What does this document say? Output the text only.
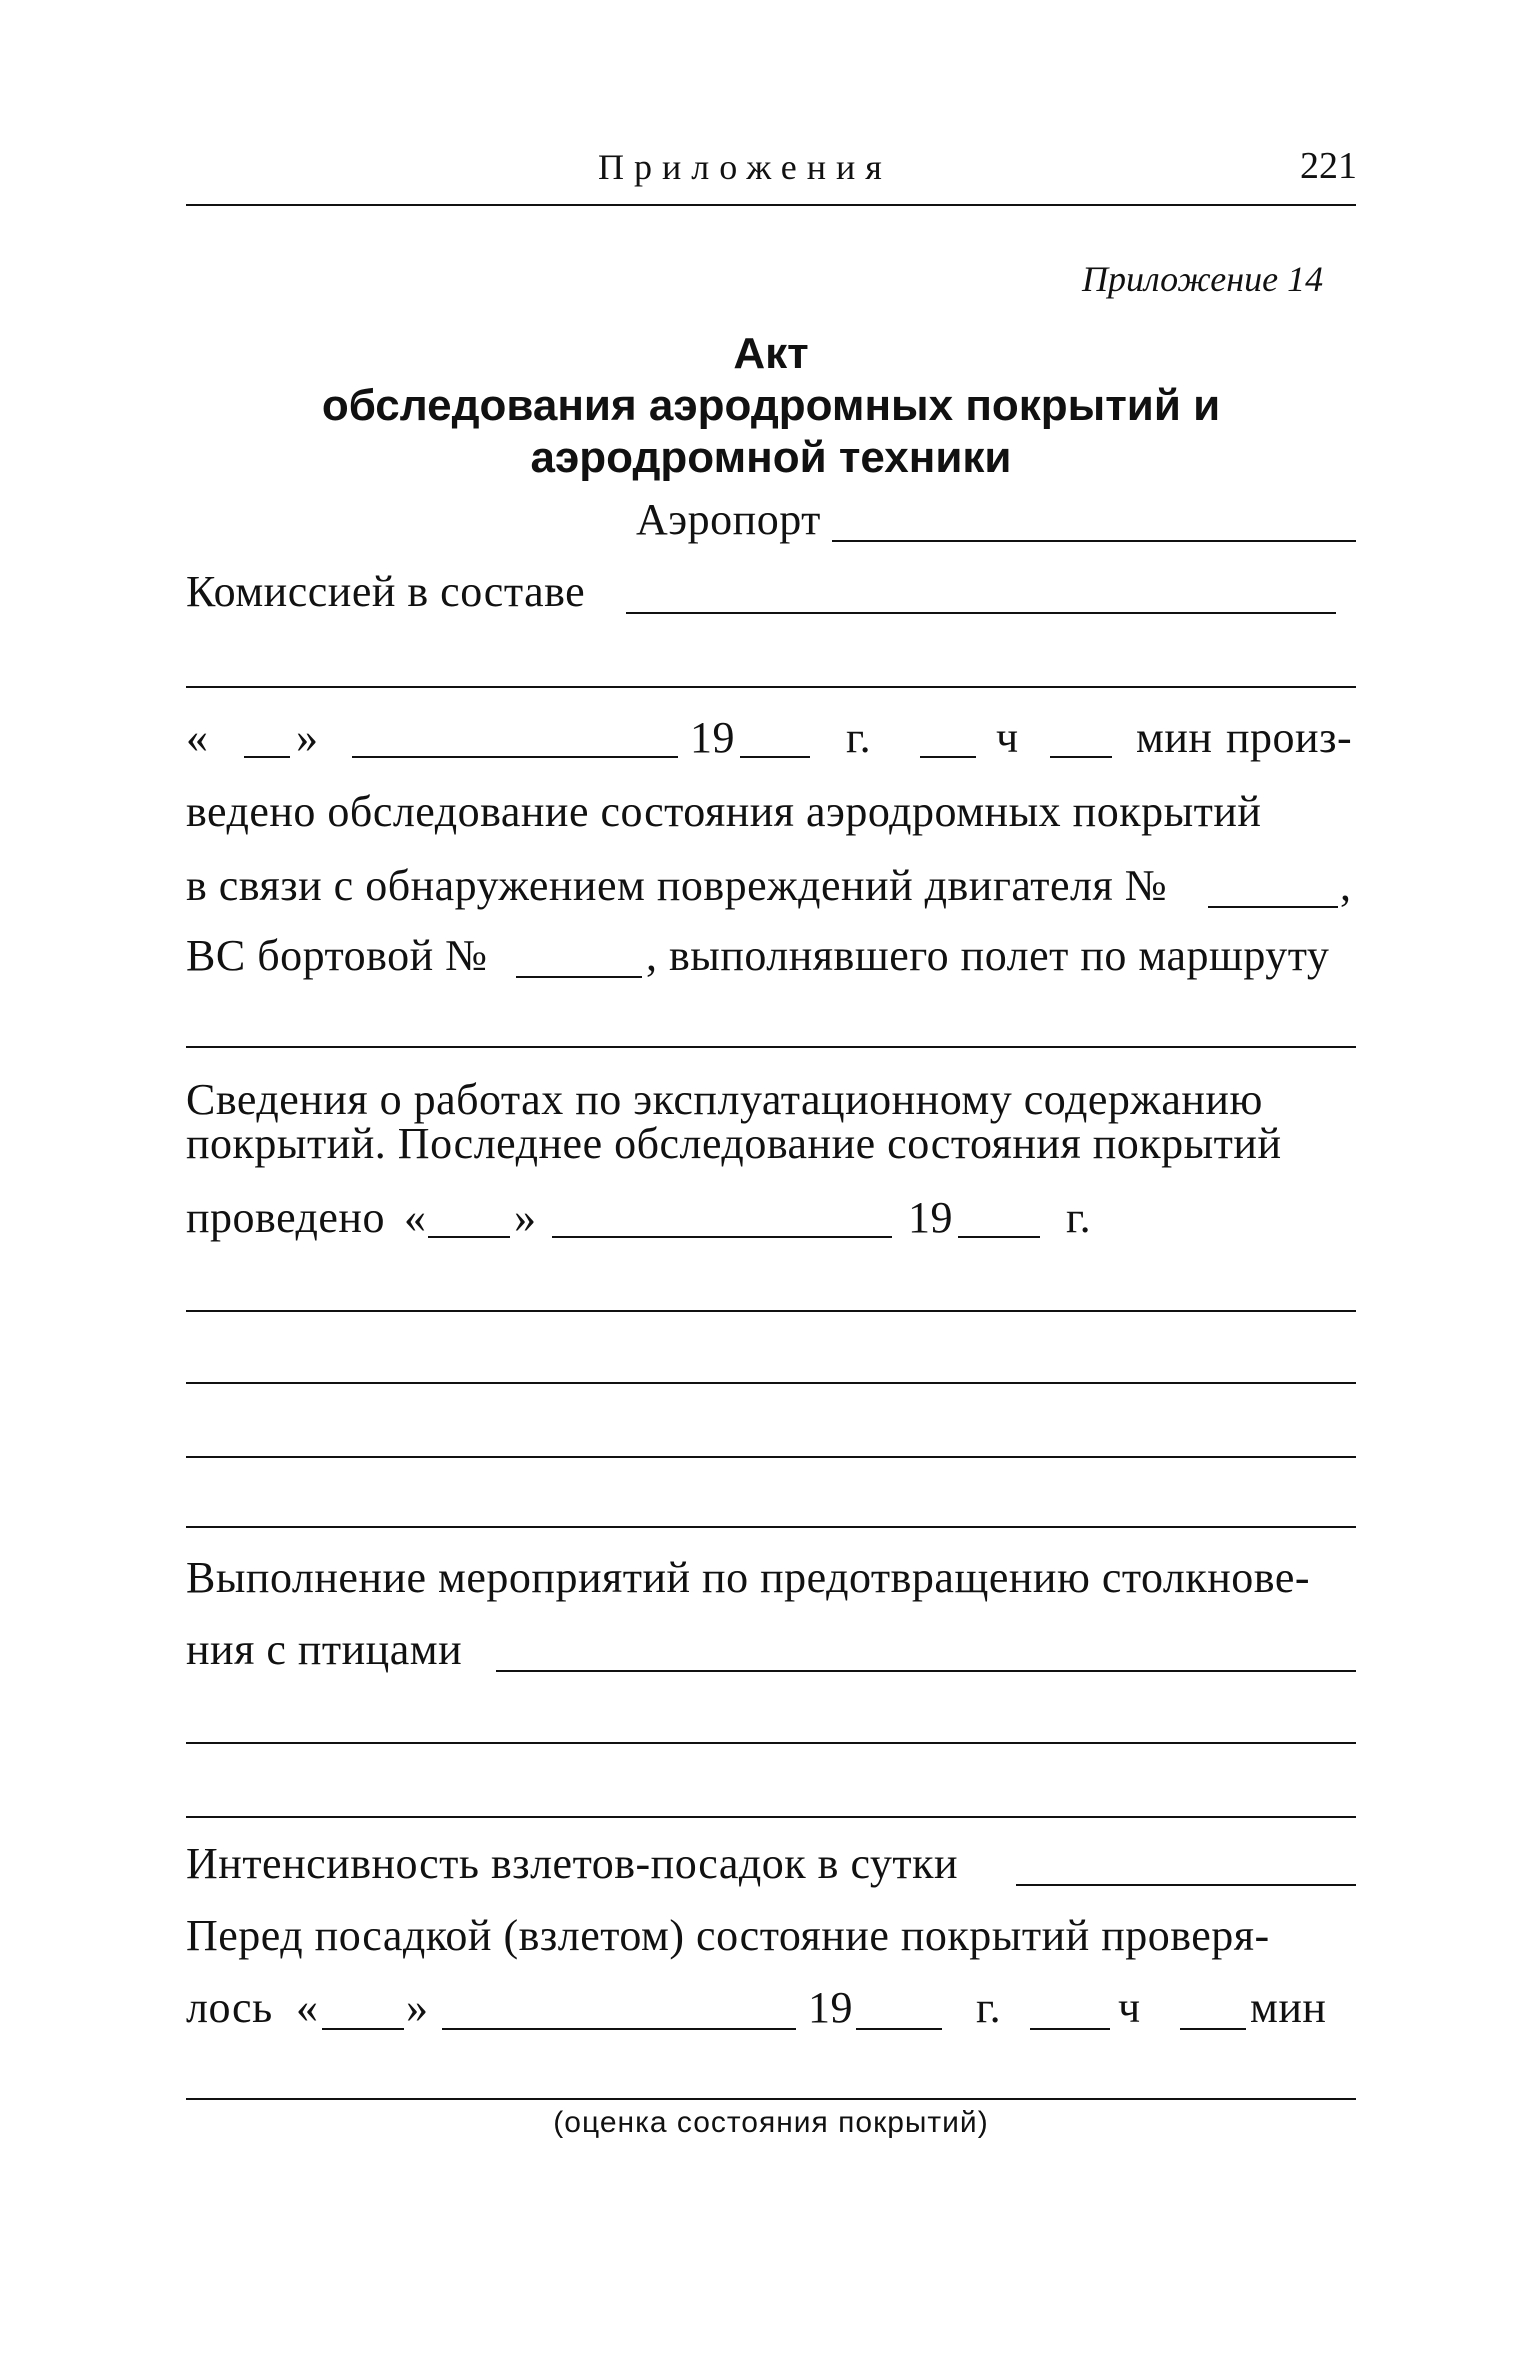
Приложения	221
Приложение 14
Акт
обследования аэродромных покрытий и
аэродромной техники
Аэропорт
Комиссией в составе
« »	19	г.	ч	мин произ-
ведено обследование состояния аэродромных покрытий
в связи с обнаружением повреждений двигателя №	,
ВС бортовой №	, выполнявшего полет по маршруту
Сведения о работах по эксплуатационному содержанию
покрытий. Последнее обследование состояния покрытий
проведено « »	19	г.
Выполнение мероприятий по предотвращению столкнове-
ния с птицами
Интенсивность взлетов-посадок в сутки
Перед посадкой (взлетом) состояние покрытий проверя-
лось « »	19	г.	ч мин
(оценка состояния покрытий)
